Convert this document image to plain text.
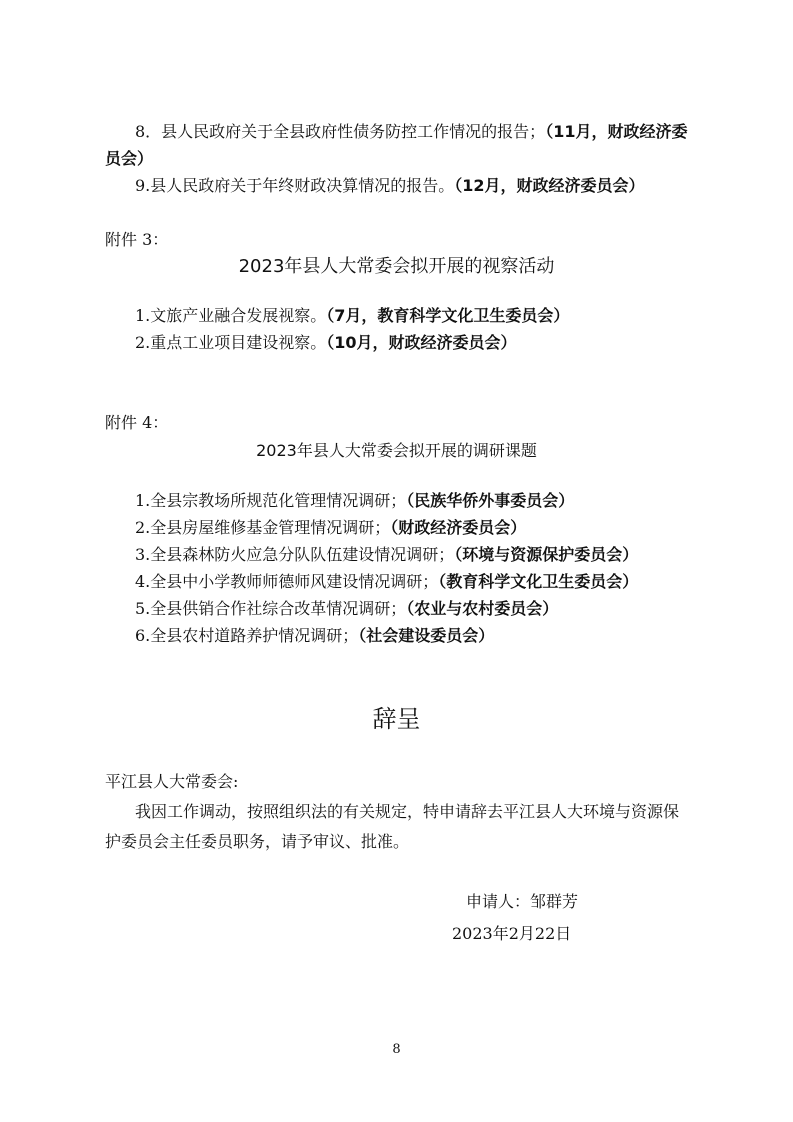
8．县人民政府关于全县政府性债务防控工作情况的报告；（11月，财政经济委
员会）
9.县人民政府关于年终财政决算情况的报告。（12月，财政经济委员会）
附件 3：
2023年县人大常委会拟开展的视察活动
1.文旅产业融合发展视察。（7月，教育科学文化卫生委员会）
2.重点工业项目建设视察。（10月，财政经济委员会）
附件 4：
2023年县人大常委会拟开展的调研课题
1.全县宗教场所规范化管理情况调研；（民族华侨外事委员会）
2.全县房屋维修基金管理情况调研；（财政经济委员会）
3.全县森林防火应急分队队伍建设情况调研；（环境与资源保护委员会）
4.全县中小学教师师德师风建设情况调研；（教育科学文化卫生委员会）
5.全县供销合作社综合改革情况调研；（农业与农村委员会）
6.全县农村道路养护情况调研；（社会建设委员会）
辞呈
平江县人大常委会:
我因工作调动，按照组织法的有关规定，特申请辞去平江县人大环境与资源保
护委员会主任委员职务，请予审议、批准。
申请人：邹群芳
2023年2月22日
8
